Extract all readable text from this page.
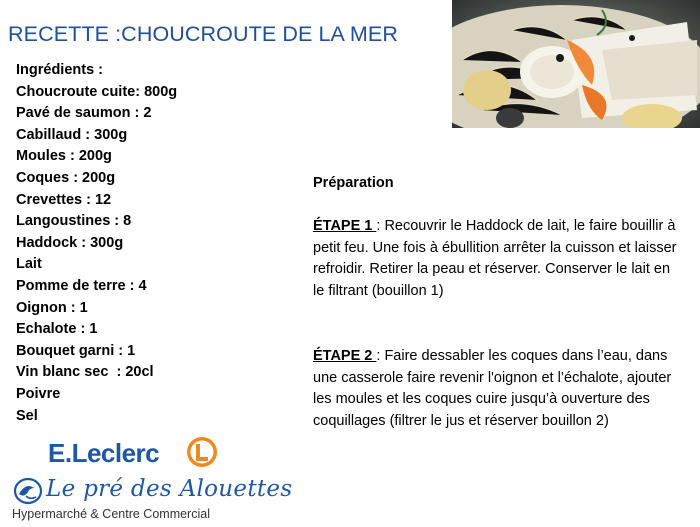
RECETTE :CHOUCROUTE DE LA MER
Ingrédients :
Choucroute cuite: 800g
Pavé de saumon : 2
Cabillaud : 300g
Moules : 200g
Coques : 200g
Crevettes : 12
Langoustines : 8
Haddock : 300g
Lait
Pomme de terre : 4
Oignon : 1
Echalote : 1
Bouquet garni : 1
Vin blanc sec  : 20cl
Poivre
Sel
Préparation
ÉTAPE 1 : Recouvrir le Haddock de lait, le faire bouillir à petit feu. Une fois à ébullition arrêter la cuisson et laisser refroidir. Retirer la peau et réserver. Conserver le lait en le filtrant (bouillon 1)
ÉTAPE 2 : Faire dessabler les coques dans l’eau, dans une casserole faire revenir l'oignon et l’échalote, ajouter les moules et les coques cuire jusqu’à ouverture des coquillages (filtrer le jus et réserver bouillon 2)
E.Leclerc
Le pré des Alouettes
Hypermarché & Centre Commercial
